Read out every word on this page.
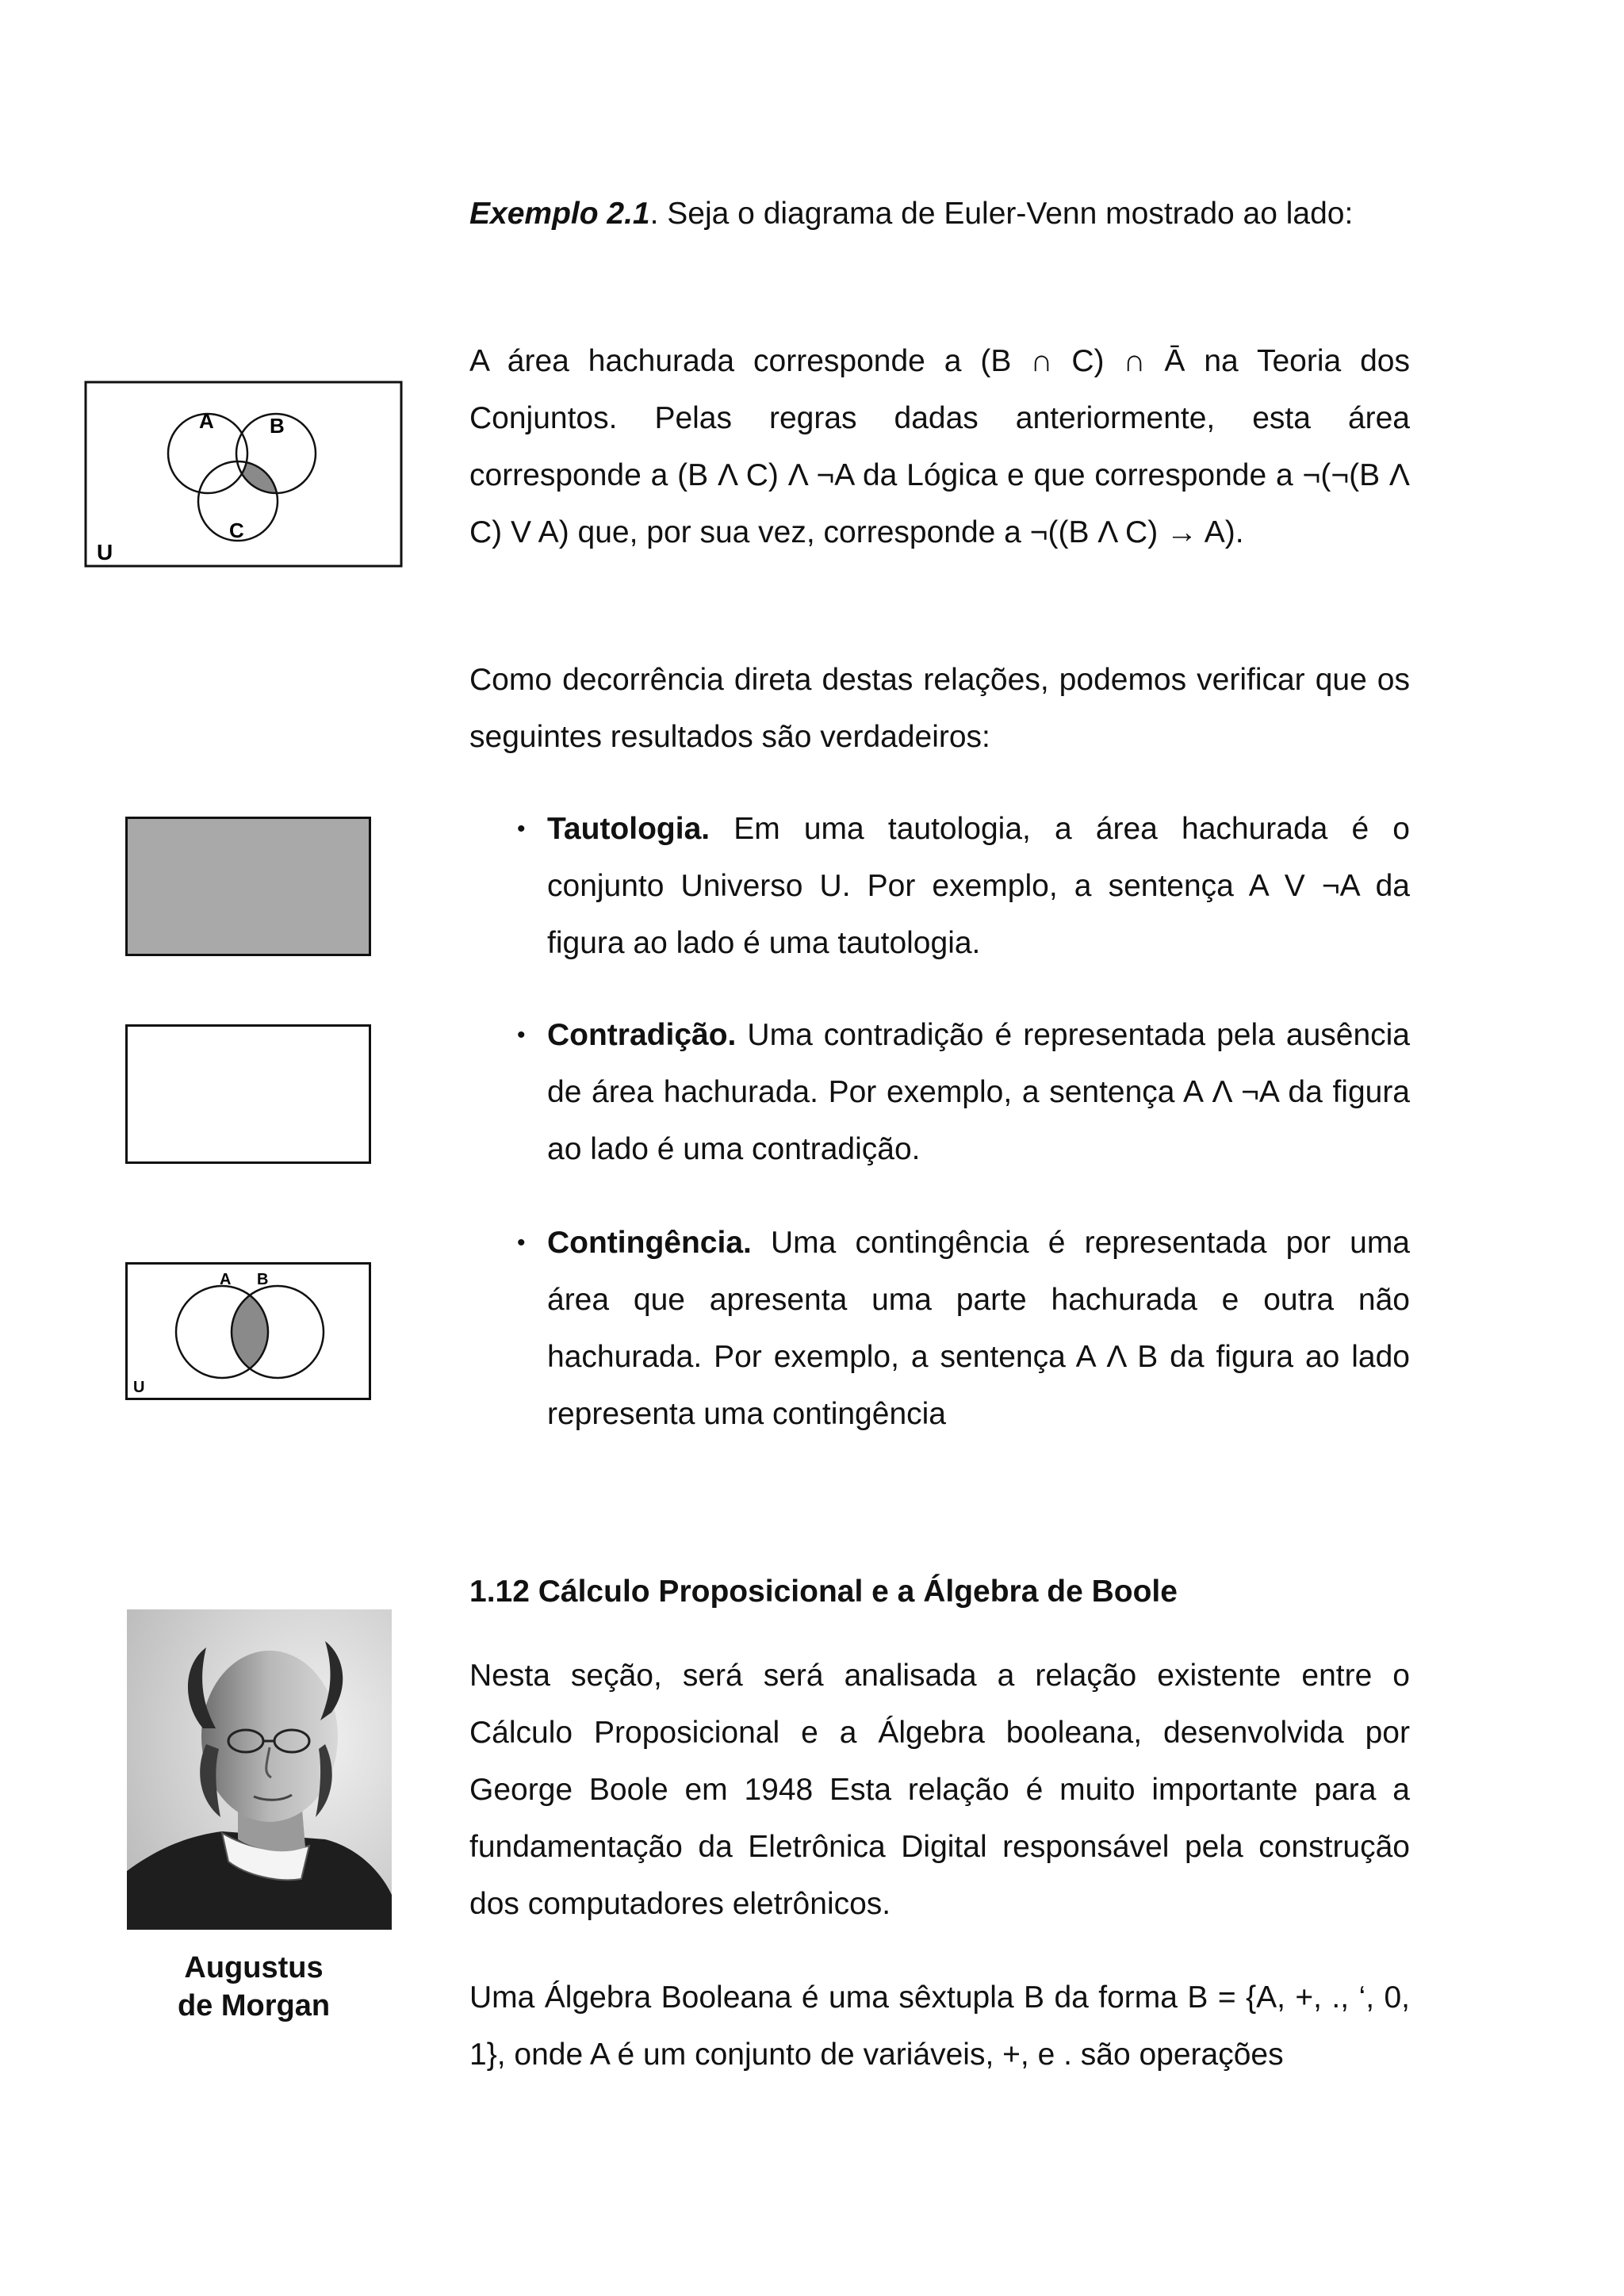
Exemplo 2.1. Seja o diagrama de Euler-Venn mostrado ao lado:

A área hachurada corresponde a (B ∩ C) ∩ Ā na Teoria dos Conjuntos. Pelas regras dadas anteriormente, esta área corresponde a (B Λ C) Λ ¬A da Lógica e que corresponde a ¬(¬(B Λ C) V A) que, por sua vez, corresponde a ¬((B Λ C) → A).

Como decorrência direta destas relações, podemos verificar que os seguintes resultados são verdadeiros:

• Tautologia. Em uma tautologia, a área hachurada é o conjunto Universo U. Por exemplo, a sentença A V ¬A da figura ao lado é uma tautologia.
• Contradição. Uma contradição é representada pela ausência de área hachurada. Por exemplo, a sentença A Λ ¬A da figura ao lado é uma contradição.
• Contingência. Uma contingência é representada por uma área que apresenta uma parte hachurada e outra não hachurada. Por exemplo, a sentença A Λ B da figura ao lado representa uma contingência
1.12 Cálculo Proposicional e a Álgebra de Boole

Nesta seção, será será analisada a relação existente entre o Cálculo Proposicional e a Álgebra booleana, desenvolvida por George Boole em 1948 Esta relação é muito importante para a fundamentação da Eletrônica Digital responsável pela construção dos computadores eletrônicos.

Uma Álgebra Booleana é uma sêxtupla B da forma B = {A, +, ., ‘, 0, 1}, onde A é um conjunto de variáveis, +, e . são operações

A	B
C
U
A B
U
Augustus
de Morgan
